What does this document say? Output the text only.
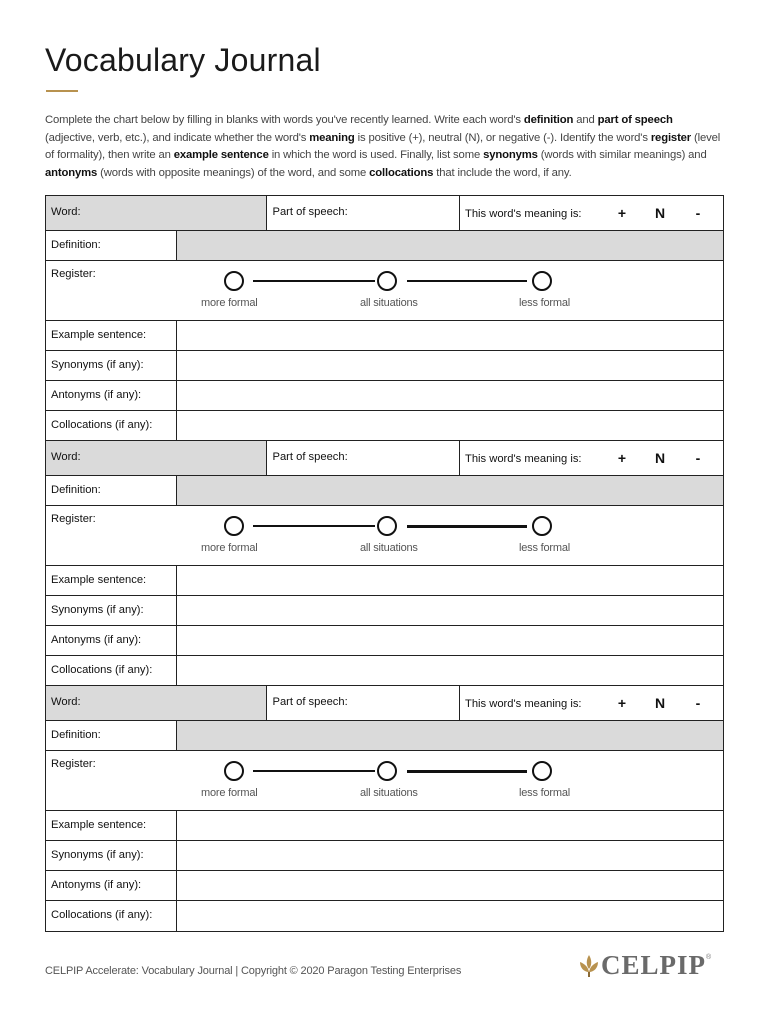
Vocabulary Journal
Complete the chart below by filling in blanks with words you've recently learned. Write each word's definition and part of speech (adjective, verb, etc.), and indicate whether the word's meaning is positive (+), neutral (N), or negative (-). Identify the word's register (level of formality), then write an example sentence in which the word is used. Finally, list some synonyms (words with similar meanings) and antonyms (words with opposite meanings) of the word, and some collocations that include the word, if any.
Word:	Part of speech:	This word's meaning is:	+	N	-
Definition:
Register:
more formal	all situations	less formal
Example sentence:
Synonyms (if any):
Antonyms (if any):
Collocations (if any):
Word:	Part of speech:	This word's meaning is:	+	N	-
Definition:
Register:
more formal	all situations	less formal
Example sentence:
Synonyms (if any):
Antonyms (if any):
Collocations (if any):
Word:	Part of speech:	This word's meaning is:	+	N	-
Definition:
Register:
more formal	all situations	less formal
Example sentence:
Synonyms (if any):
Antonyms (if any):
Collocations (if any):
CELPIP Accelerate: Vocabulary Journal | Copyright © 2020 Paragon Testing Enterprises	CELPIP ®
